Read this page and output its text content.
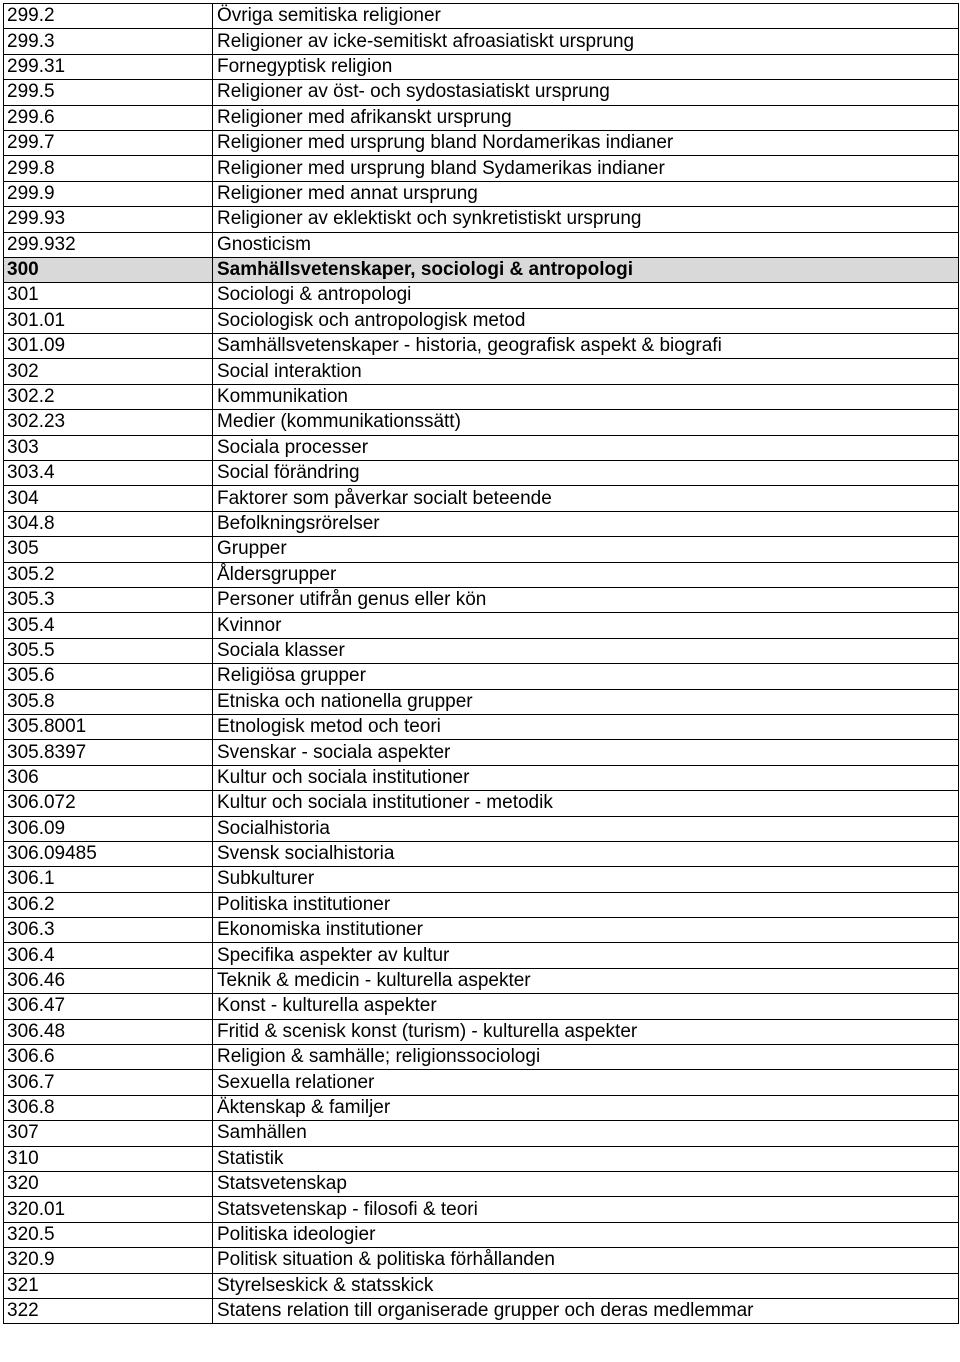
299.2	Övriga semitiska religioner
299.3	Religioner av icke-semitiskt afroasiatiskt ursprung
299.31	Fornegyptisk religion
299.5	Religioner av öst- och sydostasiatiskt ursprung
299.6	Religioner med afrikanskt ursprung
299.7	Religioner med ursprung bland Nordamerikas indianer
299.8	Religioner med ursprung bland Sydamerikas indianer
299.9	Religioner med annat ursprung
299.93	Religioner av eklektiskt och synkretistiskt ursprung
299.932	Gnosticism
300	Samhällsvetenskaper, sociologi & antropologi
301	Sociologi & antropologi
301.01	Sociologisk och antropologisk metod
301.09	Samhällsvetenskaper - historia, geografisk aspekt & biografi
302	Social interaktion
302.2	Kommunikation
302.23	Medier (kommunikationssätt)
303	Sociala processer
303.4	Social förändring
304	Faktorer som påverkar socialt beteende
304.8	Befolkningsrörelser
305	Grupper
305.2	Åldersgrupper
305.3	Personer utifrån genus eller kön
305.4	Kvinnor
305.5	Sociala klasser
305.6	Religiösa grupper
305.8	Etniska och nationella grupper
305.8001	Etnologisk metod och teori
305.8397	Svenskar - sociala aspekter
306	Kultur och sociala institutioner
306.072	Kultur och sociala institutioner - metodik
306.09	Socialhistoria
306.09485	Svensk socialhistoria
306.1	Subkulturer
306.2	Politiska institutioner
306.3	Ekonomiska institutioner
306.4	Specifika aspekter av kultur
306.46	Teknik & medicin - kulturella aspekter
306.47	Konst - kulturella aspekter
306.48	Fritid & scenisk konst (turism) - kulturella aspekter
306.6	Religion & samhälle; religionssociologi
306.7	Sexuella relationer
306.8	Äktenskap & familjer
307	Samhällen
310	Statistik
320	Statsvetenskap
320.01	Statsvetenskap - filosofi & teori
320.5	Politiska ideologier
320.9	Politisk situation & politiska förhållanden
321	Styrelseskick & statsskick
322	Statens relation till organiserade grupper och deras medlemmar
